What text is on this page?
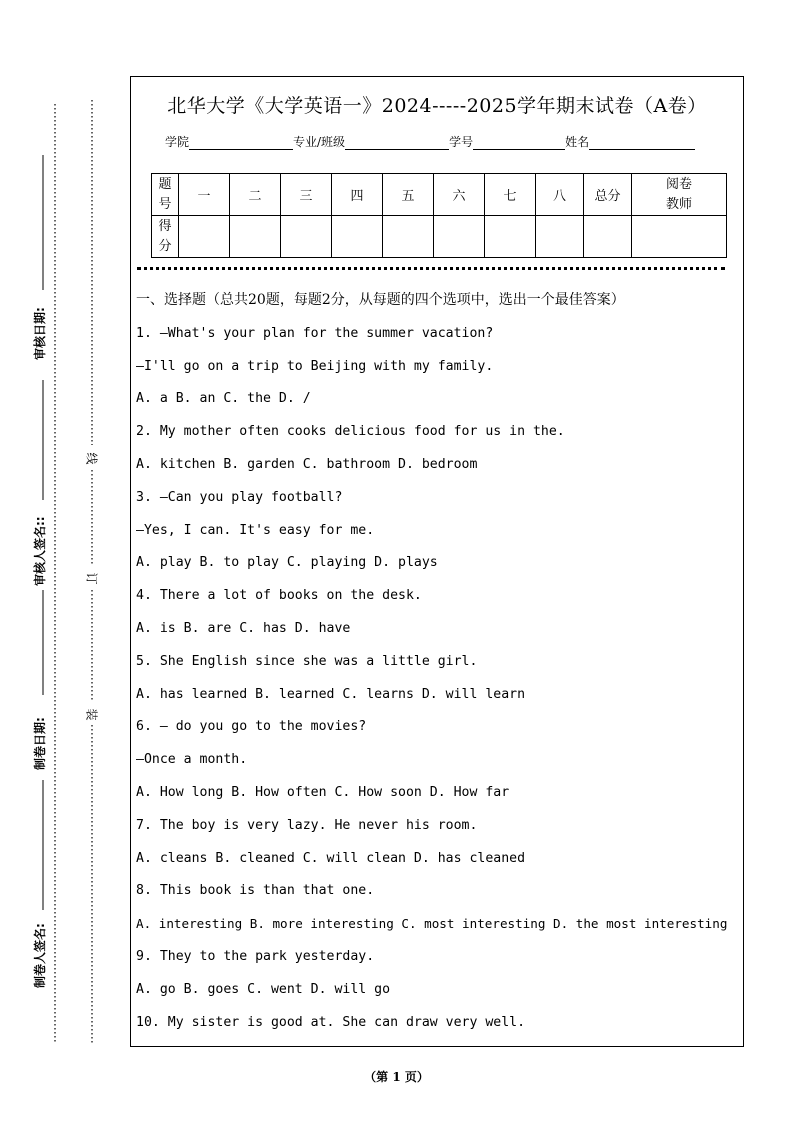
审核日期:
审核人签名::
制卷日期:
制卷人签名:
线
订
装
北华大学《大学英语一》2024-----2025学年期末试卷（A卷）
学院	专业/班级	学号	姓名
题号	一	二	三	四	五	六	七	八	总分	阅卷教师
得分										
一、选择题（总共20题，每题2分，从每题的四个选项中，选出一个最佳答案）
1. —What's your plan for the summer vacation?
—I'll go on a trip to Beijing with my family.
A. a B. an C. the D. /
2. My mother often cooks delicious food for us in the.
A. kitchen B. garden C. bathroom D. bedroom
3. —Can you play football?
—Yes, I can. It's easy for me.
A. play B. to play C. playing D. plays
4. There a lot of books on the desk.
A. is B. are C. has D. have
5. She English since she was a little girl.
A. has learned B. learned C. learns D. will learn
6. — do you go to the movies?
—Once a month.
A. How long B. How often C. How soon D. How far
7. The boy is very lazy. He never his room.
A. cleans B. cleaned C. will clean D. has cleaned
8. This book is than that one.
A. interesting B. more interesting C. most interesting D. the most interesting
9. They to the park yesterday.
A. go B. goes C. went D. will go
10. My sister is good at. She can draw very well.
（第 1 页）
